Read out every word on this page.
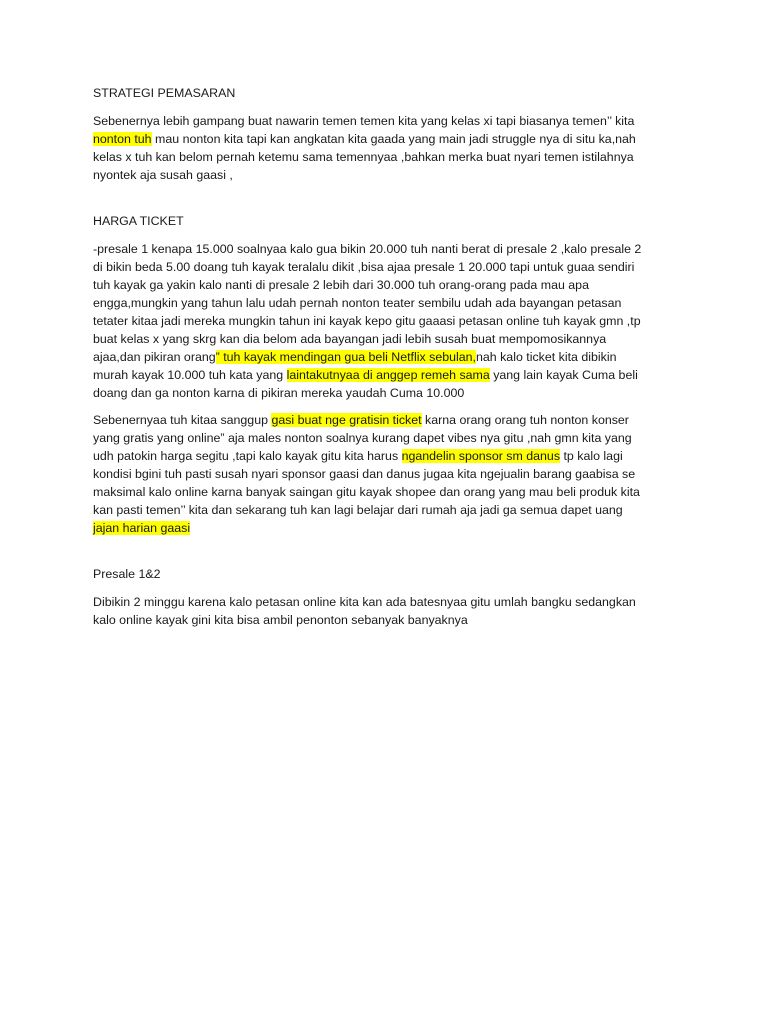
STRATEGI PEMASARAN

Sebenernya lebih gampang buat nawarin temen temen kita yang kelas xi tapi biasanya temen’’ kita
nonton tuh mau nonton kita tapi kan angkatan kita gaada yang main jadi struggle nya di situ ka,nah
kelas x tuh kan belom pernah ketemu sama temennyaa ,bahkan merka buat nyari temen istilahnya
nyontek aja susah gaasi ,

HARGA TICKET

-presale 1 kenapa 15.000 soalnyaa kalo gua bikin 20.000 tuh nanti berat di presale 2 ,kalo presale 2
di bikin beda 5.00 doang tuh kayak teralalu dikit ,bisa ajaa presale 1 20.000 tapi untuk guaa sendiri
tuh kayak ga yakin kalo nanti di presale 2 lebih dari 30.000 tuh orang-orang pada mau apa
engga,mungkin yang tahun lalu udah pernah nonton teater sembilu udah ada bayangan petasan
tetater kitaa jadi mereka mungkin tahun ini kayak kepo gitu gaaasi petasan online tuh kayak gmn ,tp
buat kelas x yang skrg kan dia belom ada bayangan jadi lebih susah buat mempomosikannya
ajaa,dan pikiran orang” tuh kayak mendingan gua beli Netflix sebulan,nah kalo ticket kita dibikin
murah kayak 10.000 tuh kata yang laintakutnyaa di anggep remeh sama yang lain kayak Cuma beli
doang dan ga nonton karna di pikiran mereka yaudah Cuma 10.000

Sebenernyaa tuh kitaa sanggup gasi buat nge gratisin ticket karna orang orang tuh nonton konser
yang gratis yang online” aja males nonton soalnya kurang dapet vibes nya gitu ,nah gmn kita yang
udh patokin harga segitu ,tapi kalo kayak gitu kita harus ngandelin sponsor sm danus tp kalo lagi
kondisi bgini tuh pasti susah nyari sponsor gaasi dan danus jugaa kita ngejualin barang gaabisa se
maksimal kalo online karna banyak saingan gitu kayak shopee dan orang yang mau beli produk kita
kan pasti temen’’ kita dan sekarang tuh kan lagi belajar dari rumah aja jadi ga semua dapet uang
jajan harian gaasi

Presale 1&2

Dibikin 2 minggu karena kalo petasan online kita kan ada batesnyaa gitu umlah bangku sedangkan
kalo online kayak gini kita bisa ambil penonton sebanyak banyaknya
